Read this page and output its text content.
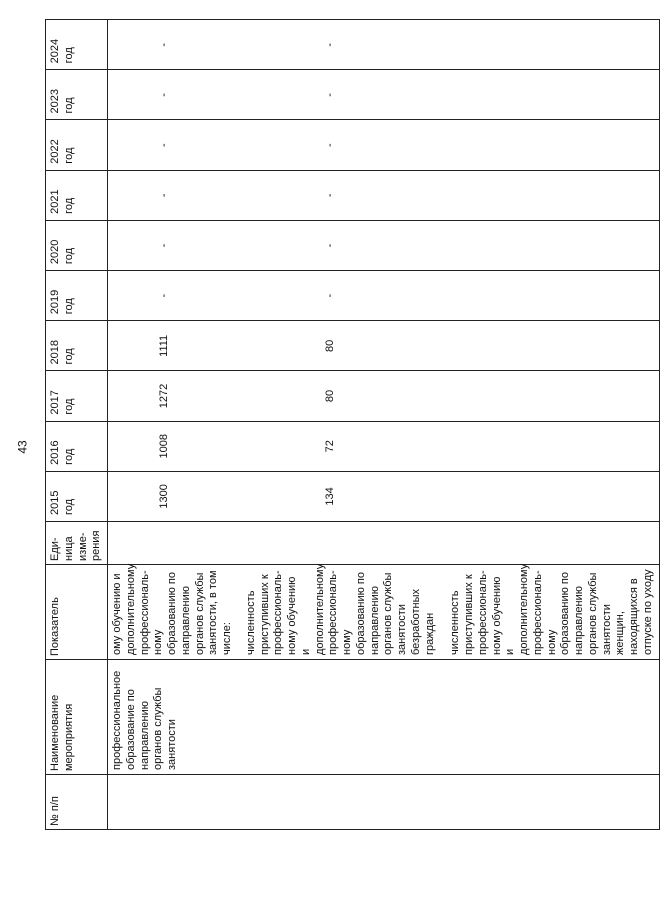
43
№ п/п	Наименование мероприятия	Показатель	Еди-ница изме-рения	2015 год	2016 год	2017 год	2018 год	2019 год	2020 год	2021 год	2022 год	2023 год	2024 год
	профессиональное образование по направлению органов службы занятости	ому обучению и дополнительному профессиональ-ному образованию по направлению органов службы занятости, в том числе: численность приступивших к профессиональ-ному обучению и дополнительному профессиональ-ному образованию по направлению органов службы занятости безработных граждан численность приступивших к профессиональ-ному обучению и дополнительному профессиональ-ному образованию по направлению органов службы занятости женщин, находящихся в отпуске по уходу		1300 134	1008 72	1272 80	1111 80	- -	- -	- -	- -	- -	- -
